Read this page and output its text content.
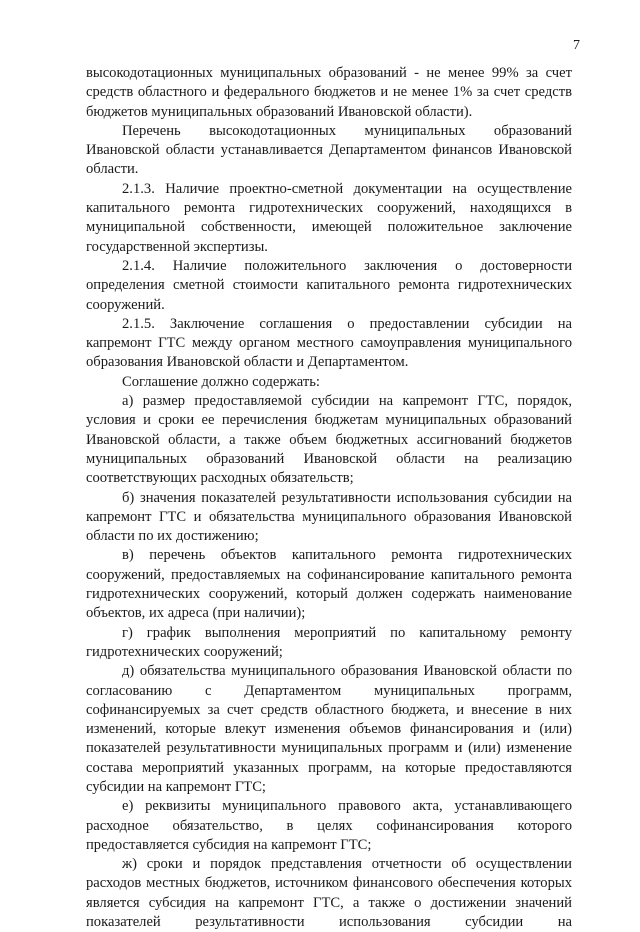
7

высокодотационных муниципальных образований - не менее 99% за счет средств областного и федерального бюджетов и не менее 1% за счет средств бюджетов муниципальных образований Ивановской области).

Перечень высокодотационных муниципальных образований Ивановской области устанавливается Департаментом финансов Ивановской области.

2.1.3. Наличие проектно-сметной документации на осуществление капитального ремонта гидротехнических сооружений, находящихся в муниципальной собственности, имеющей положительное заключение государственной экспертизы.

2.1.4. Наличие положительного заключения о достоверности определения сметной стоимости капитального ремонта гидротехнических сооружений.

2.1.5. Заключение соглашения о предоставлении субсидии на капремонт ГТС между органом местного самоуправления муниципального образования Ивановской области и Департаментом.

Соглашение должно содержать:

а) размер предоставляемой субсидии на капремонт ГТС, порядок, условия и сроки ее перечисления бюджетам муниципальных образований Ивановской области, а также объем бюджетных ассигнований бюджетов муниципальных образований Ивановской области на реализацию соответствующих расходных обязательств;

б) значения показателей результативности использования субсидии на капремонт ГТС и обязательства муниципального образования Ивановской области по их достижению;

в) перечень объектов капитального ремонта гидротехнических сооружений, предоставляемых на софинансирование капитального ремонта гидротехнических сооружений, который должен содержать наименование объектов, их адреса (при наличии);

г) график выполнения мероприятий по капитальному ремонту гидротехнических сооружений;

д) обязательства муниципального образования Ивановской области по согласованию с Департаментом муниципальных программ, софинансируемых за счет средств областного бюджета, и внесение в них изменений, которые влекут изменения объемов финансирования и (или) показателей результативности муниципальных программ и (или) изменение состава мероприятий указанных программ, на которые предоставляются субсидии на капремонт ГТС;

е) реквизиты муниципального правового акта, устанавливающего расходное обязательство, в целях софинансирования которого предоставляется субсидия на капремонт ГТС;

ж) сроки и порядок представления отчетности об осуществлении расходов местных бюджетов, источником финансового обеспечения которых является субсидия на капремонт ГТС, а также о достижении значений показателей результативности использования субсидии на
